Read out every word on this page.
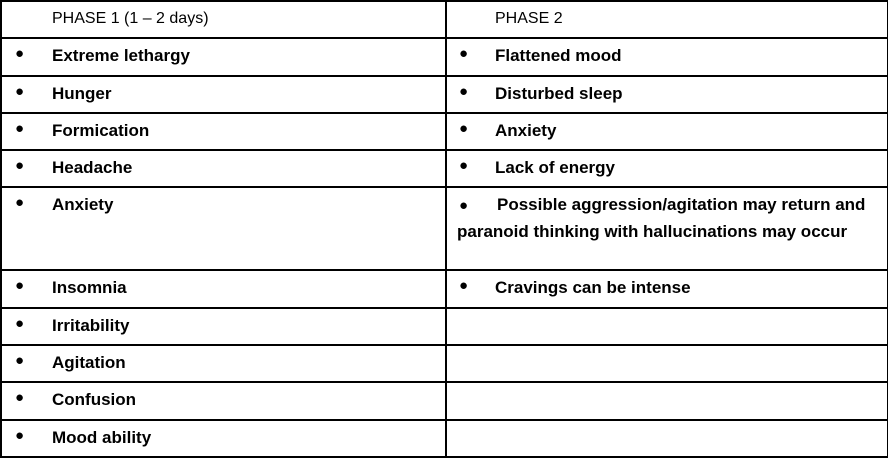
PHASE 1 (1 – 2 days)	PHASE 2

● Extreme lethargy	● Flattened mood

● Hunger	● Disturbed sleep

● Formication	● Anxiety

● Headache	● Lack of energy

● Anxiety	● Possible aggression/agitation may return and paranoid thinking with hallucinations may occur

● Insomnia	● Cravings can be intense

● Irritability	

● Agitation	

● Confusion	

● Mood ability	
